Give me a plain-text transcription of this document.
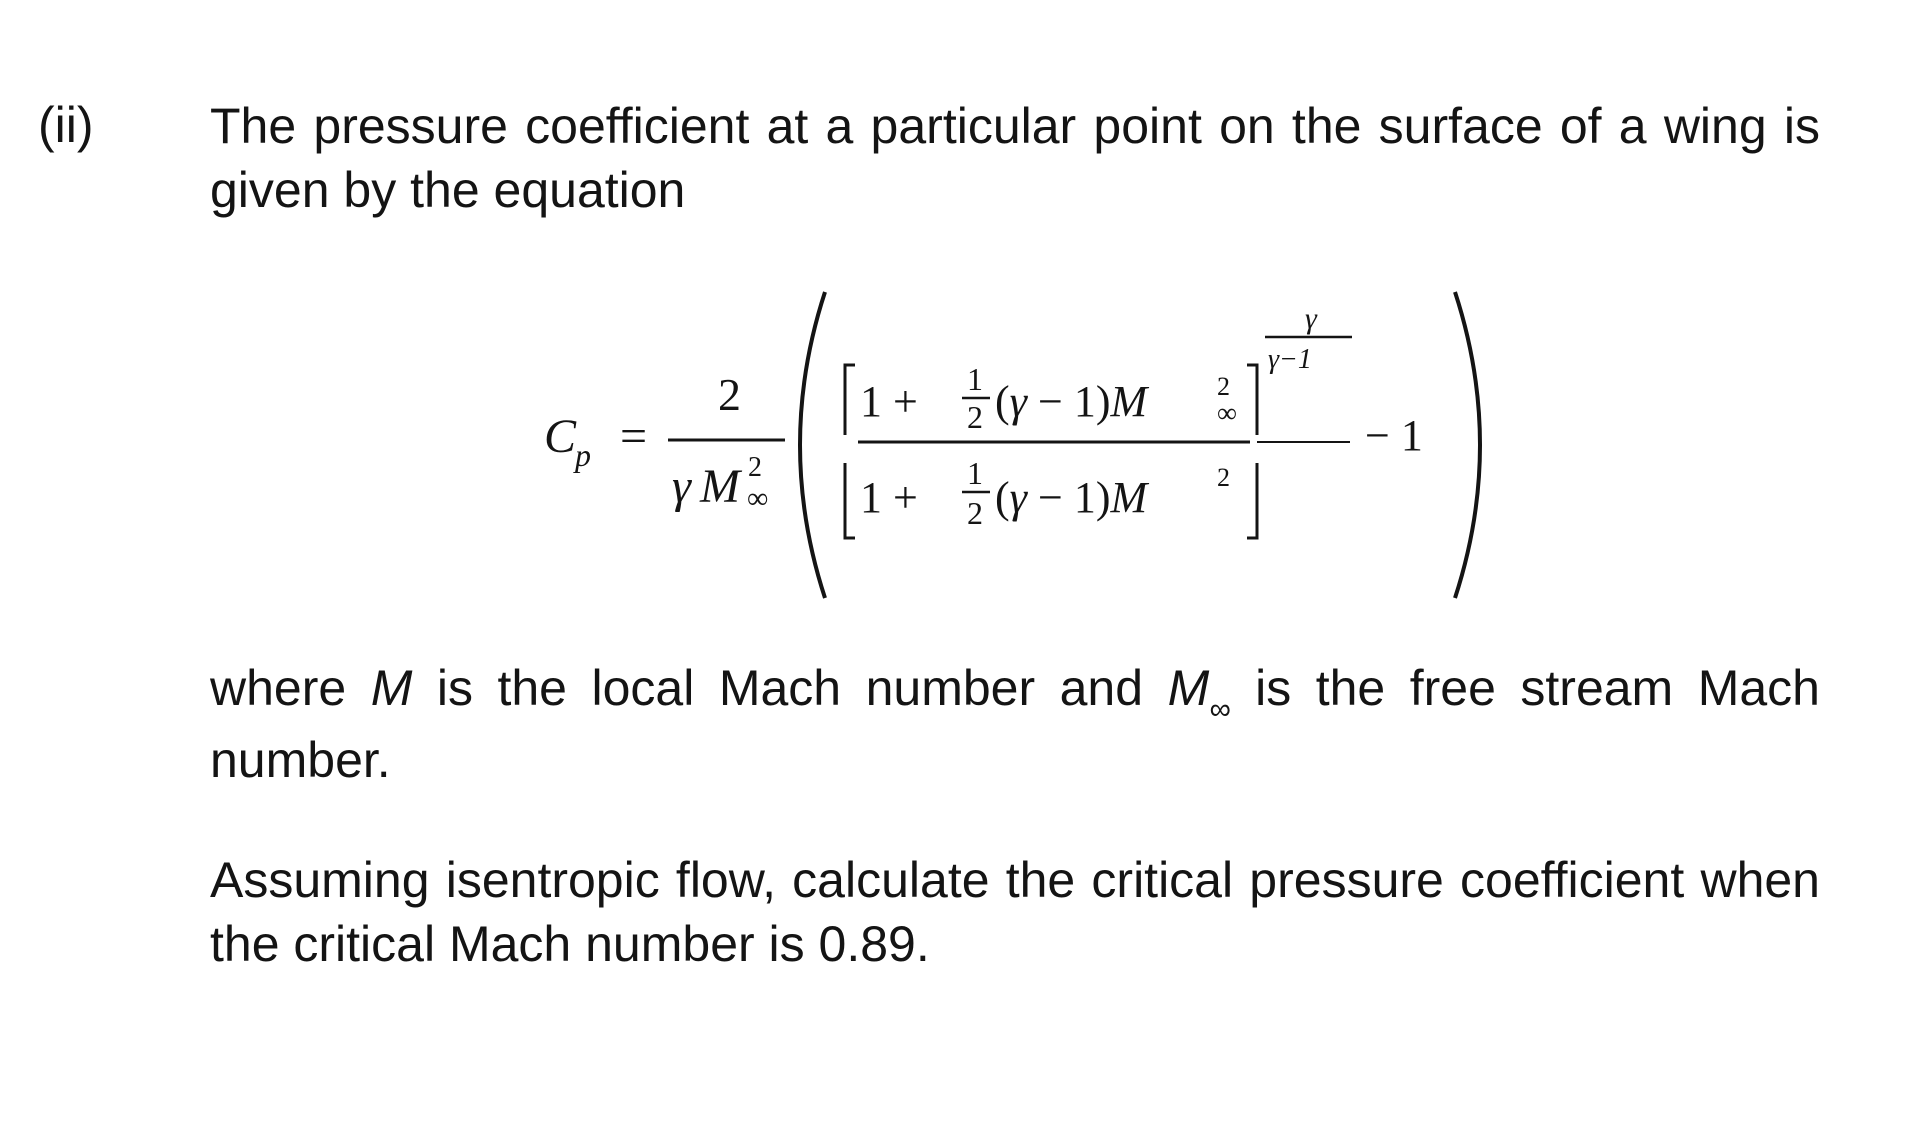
(ii) The pressure coefficient at a particular point on the surface of a wing is given by the equation

C
p =
2
γ M 2
∞
1 + 1
2 (γ − 1)M	2
∞
1 + 1
2 (γ − 1)M	2
γ
γ−1
− 1

where M is the local Mach number and $M_\infty$ is the free stream Mach number.

Assuming isentropic flow, calculate the critical pressure coefficient when the critical Mach number is 0.89.
